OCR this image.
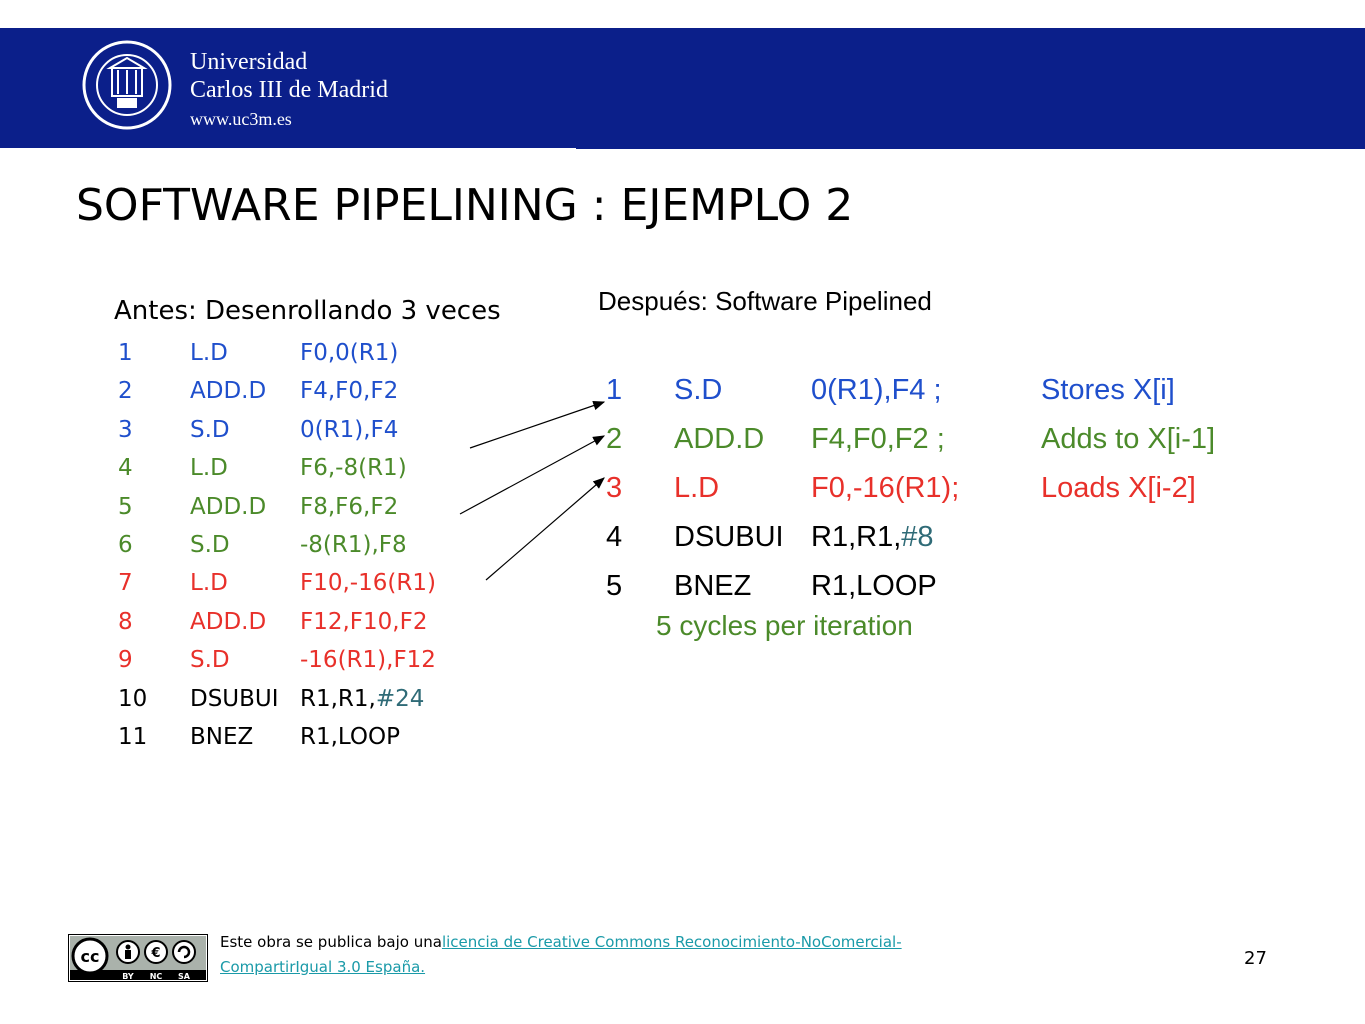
Universidad
Carlos III de Madrid
www.uc3m.es
SOFTWARE PIPELINING : EJEMPLO 2
Antes: Desenrollando 3 veces
1 L.D	F0,0(R1)
2 ADD.D F4,F0,F2
3 S.D	0(R1),F4
4 L.D	F6,-8(R1)
5 ADD.D F8,F6,F2
6 S.D	-8(R1),F8
7 L.D	F10,-16(R1)
8 ADD.D F12,F10,F2
9 S.D	-16(R1),F12
10 DSUBUI R1,R1,#24
11 BNEZ R1,LOOP
Después: Software Pipelined
1 S.D	0(R1),F4 ;	Stores X[i]
2 ADD.D F4,F0,F2 ;	Adds to X[i-1]
3 L.D	F0,-16(R1);	Loads X[i-2]
4 DSUBUI R1,R1,#8
5 BNEZ R1,LOOP
5 cycles per iteration
cc	€
BY NC SA
Este obra se publica bajo unalicencia de Creative Commons Reconocimiento-NoComercial-CompartirIgual 3.0 España.	27
